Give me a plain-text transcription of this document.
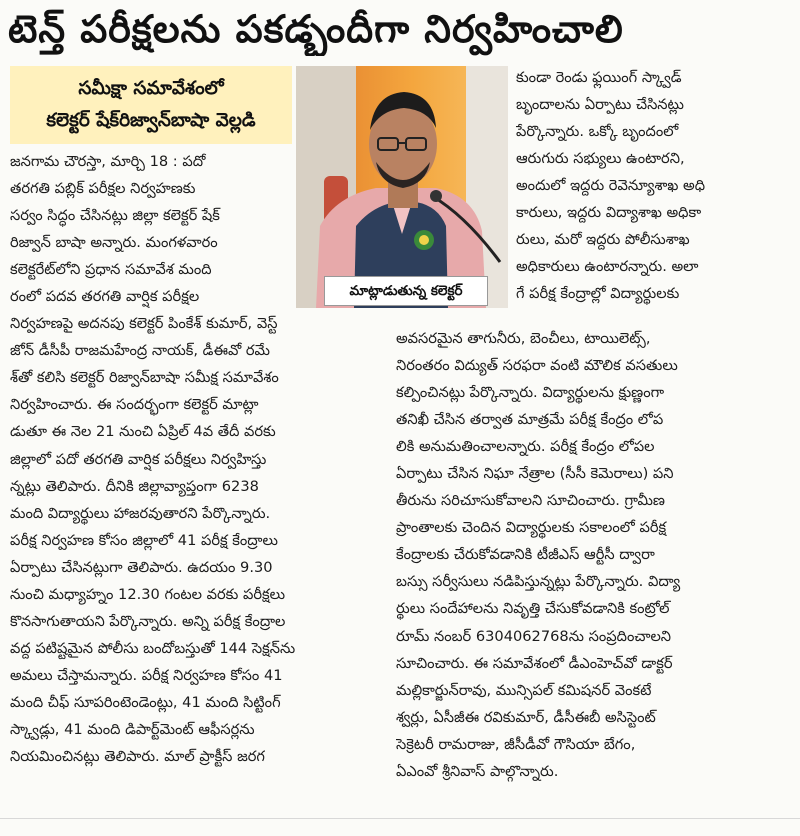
టెన్త్ పరీక్షలను పకడ్బందీగా నిర్వహించాలి
సమీక్షా సమావేశంలో
కలెక్టర్ షేక్‌రిజ్వాన్‌బాషా వెల్లడి
మాట్లాడుతున్న కలెక్టర్
జనగామ చౌరస్తా, మార్చి 18 : పదో
తరగతి పబ్లిక్ పరీక్షల నిర్వహణకు
సర్వం సిద్ధం చేసినట్లు జిల్లా కలెక్టర్ షేక్
రిజ్వాన్ బాషా అన్నారు. మంగళవారం
కలెక్టరేట్‌లోని ప్రధాన సమావేశ మంది
రంలో పదవ తరగతి వార్షిక పరీక్షల
నిర్వహణపై అదనపు కలెక్టర్ పింకేశ్ కుమార్, వెస్ట్
జోన్ డీసీపీ రాజమహేంద్ర నాయక్, డీఈవో రమే
శ్‌తో కలిసి కలెక్టర్ రిజ్వాన్‌బాషా సమీక్ష సమావేశం
నిర్వహించారు. ఈ సందర్భంగా కలెక్టర్ మాట్లా
డుతూ ఈ నెల 21 నుంచి ఏప్రిల్ 4వ తేదీ వరకు
జిల్లాలో పదో తరగతి వార్షిక పరీక్షలు నిర్వహిస్తు
న్నట్లు తెలిపారు. దీనికి జిల్లావ్యాప్తంగా 6238
మంది విద్యార్థులు హాజరవుతారని పేర్కొన్నారు.
పరీక్ష నిర్వహణ కోసం జిల్లాలో 41 పరీక్ష కేంద్రాలు
ఏర్పాటు చేసినట్లుగా తెలిపారు. ఉదయం 9.30
నుంచి మధ్యాహ్నం 12.30 గంటల వరకు పరీక్షలు
కొనసాగుతాయని పేర్కొన్నారు. అన్ని పరీక్ష కేంద్రాల
వద్ద పటిష్టమైన పోలీసు బందోబస్తుతో 144 సెక్షన్‌ను
అమలు చేస్తామన్నారు. పరీక్ష నిర్వహణ కోసం 41
మంది చీఫ్ సూపరింటెండెంట్లు, 41 మంది సిట్టింగ్
స్క్వాడ్లు, 41 మంది డిపార్ట్‌మెంట్ ఆఫీసర్లను
నియమించినట్లు తెలిపారు. మాల్ ప్రాక్టీస్ జరగ
కుండా రెండు ఫ్లయింగ్ స్క్వాడ్
బృందాలను ఏర్పాటు చేసినట్లు
పేర్కొన్నారు. ఒక్కో బృందంలో
ఆరుగురు సభ్యులు ఉంటారని,
అందులో ఇద్దరు రెవెన్యూశాఖ అధి
కారులు, ఇద్దరు విద్యాశాఖ అధికా
రులు, మరో ఇద్దరు పోలీసుశాఖ
అధికారులు ఉంటారన్నారు. అలా
గే పరీక్ష కేంద్రాల్లో విద్యార్థులకు
అవసరమైన తాగునీరు, బెంచీలు, టాయిలెట్స్,
నిరంతరం విద్యుత్ సరఫరా వంటి మౌలిక వసతులు
కల్పించినట్లు పేర్కొన్నారు. విద్యార్థులను క్షుణ్ణంగా
తనిఖీ చేసిన తర్వాత మాత్రమే పరీక్ష కేంద్రం లోప
లికి అనుమతించాలన్నారు. పరీక్ష కేంద్రం లోపల
ఏర్పాటు చేసిన నిఘా నేత్రాల (సీసీ కెమెరాలు) పని
తీరును సరిచూసుకోవాలని సూచించారు. గ్రామీణ
ప్రాంతాలకు చెందిన విద్యార్థులకు సకాలంలో పరీక్ష
కేంద్రాలకు చేరుకోవడానికి టీజీఎస్ ఆర్టీసీ ద్వారా
బస్సు సర్వీసులు నడిపిస్తున్నట్లు పేర్కొన్నారు. విద్యా
ర్థులు సందేహాలను నివృత్తి చేసుకోవడానికి కంట్రోల్
రూమ్ నంబర్ 6304062768ను సంప్రదించాలని
సూచించారు. ఈ సమావేశంలో డీఎంహెచ్‌వో డాక్టర్
మల్లికార్జున్‌రావు, మున్సిపల్ కమిషనర్ వెంకటే
శ్వర్లు, ఏసీజీఈ రవికుమార్, డీసీఈబీ అసిస్టెంట్
సెక్రెటరీ రామరాజు, జీసీడీవో గౌసియా బేగం,
ఏఎంవో శ్రీనివాస్ పాల్గొన్నారు.
